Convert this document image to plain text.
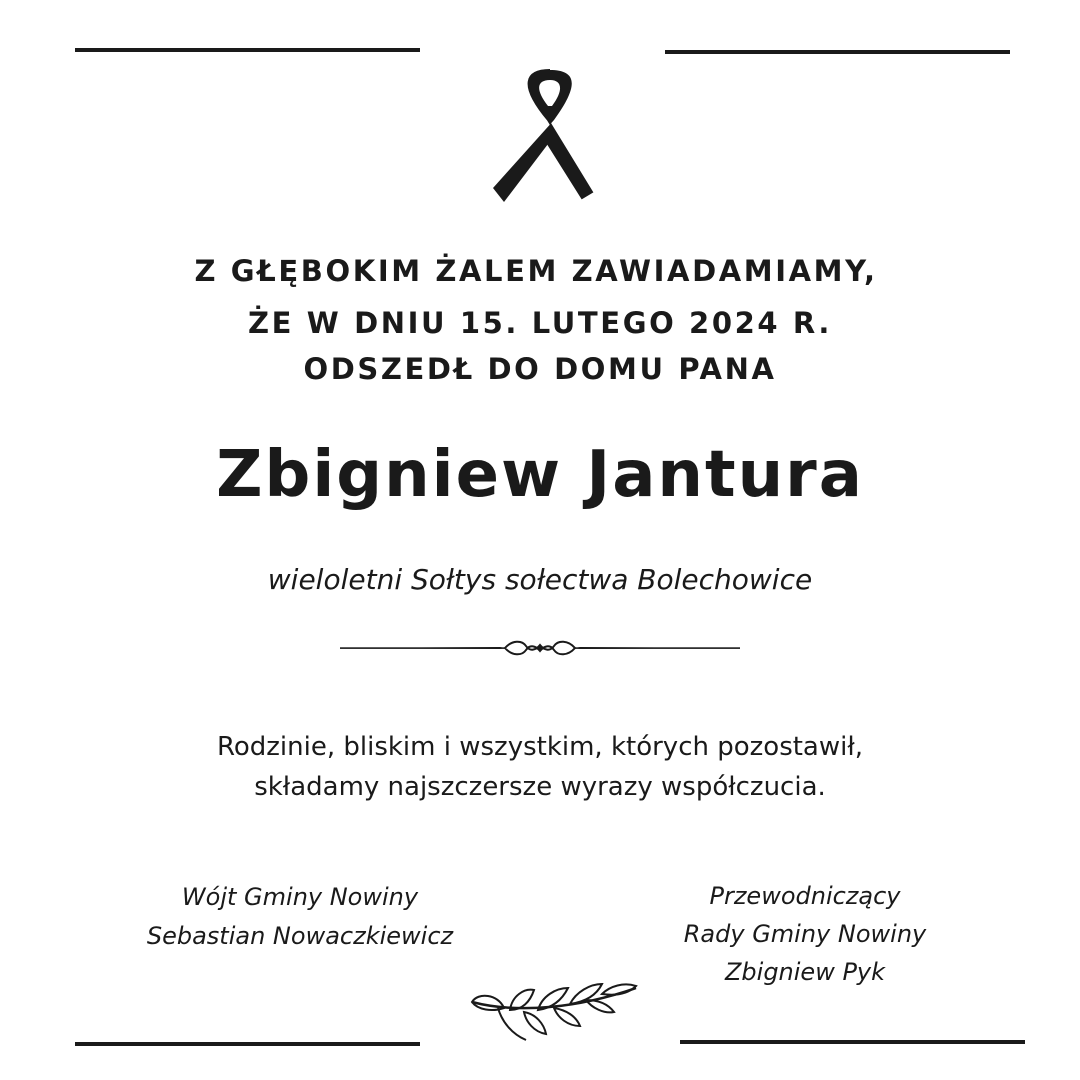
Z GŁĘBOKIM ŻALEM ZAWIADAMIAMY,
ŻE W DNIU 15. LUTEGO 2024 R.
ODSZEDŁ DO DOMU PANA
Zbigniew Jantura
wieloletni Sołtys sołectwa Bolechowice
Rodzinie, bliskim i wszystkim, których pozostawił,
składamy najszczersze wyrazy współczucia.
Wójt Gminy Nowiny
Sebastian Nowaczkiewicz
Przewodniczący
Rady Gminy Nowiny
Zbigniew Pyk
